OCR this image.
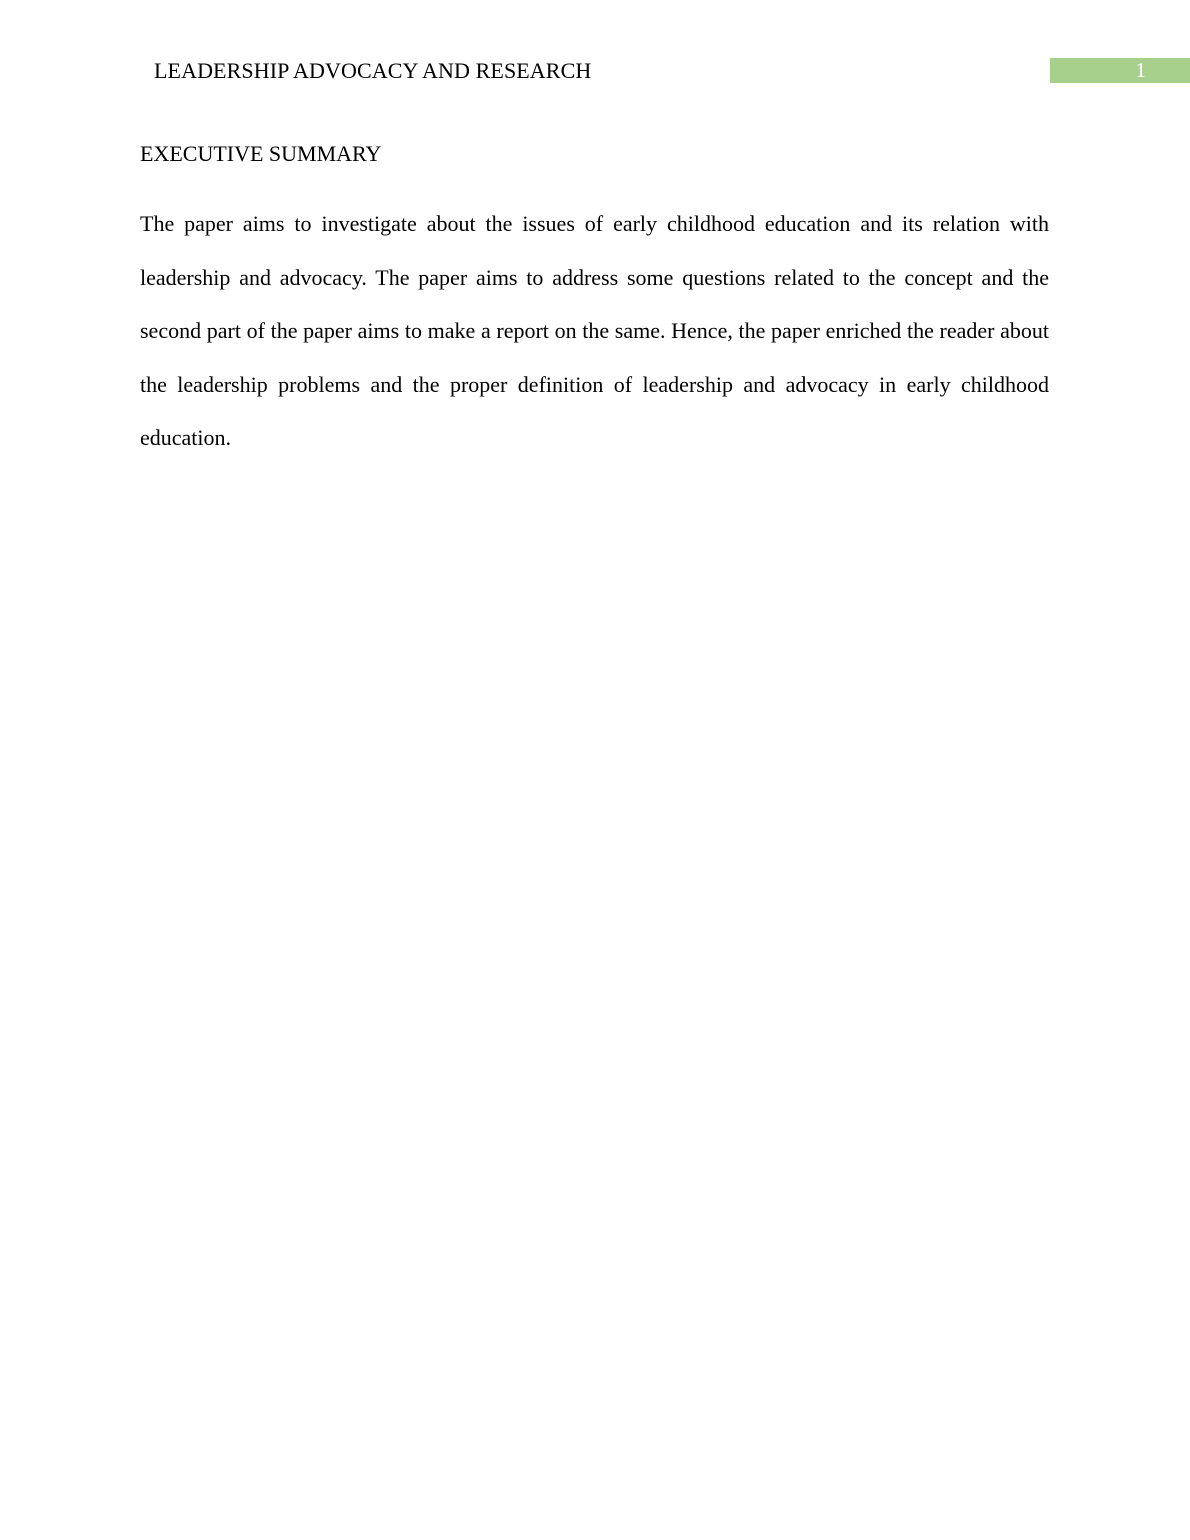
LEADERSHIP ADVOCACY AND RESEARCH	1
EXECUTIVE SUMMARY

The paper aims to investigate about the issues of early childhood education and its relation with leadership and advocacy. The paper aims to address some questions related to the concept and the second part of the paper aims to make a report on the same. Hence, the paper enriched the reader about the leadership problems and the proper definition of leadership and advocacy in early childhood education.
